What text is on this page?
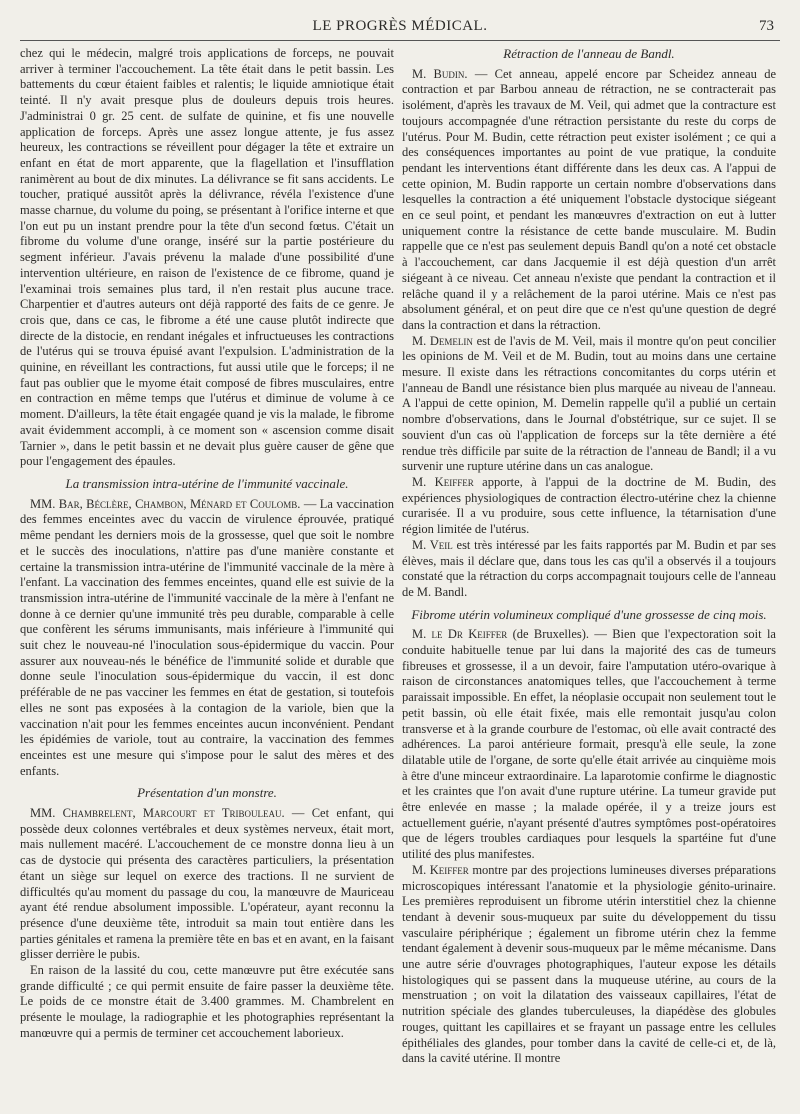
LE PROGRÈS MÉDICAL.	73

chez qui le médecin, malgré trois applications de forceps, ne pouvait arriver à terminer l'accouchement. La tête était dans le petit bassin. Les battements du cœur étaient faibles et ralentis; le liquide amniotique était teinté. Il n'y avait presque plus de douleurs depuis trois heures. J'administrai 0 gr. 25 cent. de sulfate de quinine, et fis une nouvelle application de forceps. Après une assez longue attente, je fus assez heureux, les contractions se réveillent pour dégager la tête et extraire un enfant en état de mort apparente, que la flagellation et l'insufflation ranimèrent au bout de dix minutes. La délivrance se fit sans accidents. Le toucher, pratiqué aussitôt après la délivrance, révéla l'existence d'une masse charnue, du volume du poing, se présentant à l'orifice interne et que l'on eut pu un instant prendre pour la tête d'un second fœtus. C'était un fibrome du volume d'une orange, inséré sur la partie postérieure du segment inférieur. J'avais prévenu la malade d'une possibilité d'une intervention ultérieure, en raison de l'existence de ce fibrome, quand je l'examinai trois semaines plus tard, il n'en restait plus aucune trace. Charpentier et d'autres auteurs ont déjà rapporté des faits de ce genre. Je crois que, dans ce cas, le fibrome a été une cause plutôt indirecte que directe de la distocie, en rendant inégales et infructueuses les contractions de l'utérus qui se trouva épuisé avant l'expulsion. L'administration de la quinine, en réveillant les contractions, fut aussi utile que le forceps; il ne faut pas oublier que le myome était composé de fibres musculaires, entre en contraction en même temps que l'utérus et diminue de volume à ce moment. D'ailleurs, la tête était engagée quand je vis la malade, le fibrome avait évidemment accompli, à ce moment son « ascension comme disait Tarnier », dans le petit bassin et ne devait plus guère causer de gêne que pour l'engagement des épaules.

La transmission intra-utérine de l'immunité vaccinale.

MM. Bar, Béclère, Chambon, Ménard et Coulomb. — La vaccination des femmes enceintes avec du vaccin de virulence éprouvée, pratiqué même pendant les derniers mois de la grossesse, quel que soit le nombre et le succès des inoculations, n'attire pas d'une manière constante et certaine la transmission intra-utérine de l'immunité vaccinale de la mère à l'enfant. La vaccination des femmes enceintes, quand elle est suivie de la transmission intra-utérine de l'immunité vaccinale de la mère à l'enfant ne donne à ce dernier qu'une immunité très peu durable, comparable à celle que confèrent les sérums immunisants, mais inférieure à l'immunité qui suit chez le nouveau-né l'inoculation sous-épidermique du vaccin. Pour assurer aux nouveau-nés le bénéfice de l'immunité solide et durable que donne seule l'inoculation sous-épidermique du vaccin, il est donc préférable de ne pas vacciner les femmes en état de gestation, si toutefois elles ne sont pas exposées à la contagion de la variole, bien que la vaccination n'ait pour les femmes enceintes aucun inconvénient. Pendant les épidémies de variole, tout au contraire, la vaccination des femmes enceintes est une mesure qui s'impose pour le salut des mères et des enfants.

Présentation d'un monstre.

MM. Chambrelent, Marcourt et Tribouleau. — Cet enfant, qui possède deux colonnes vertébrales et deux systèmes nerveux, était mort, mais nullement macéré. L'accouchement de ce monstre donna lieu à un cas de dystocie qui présenta des caractères particuliers, la présentation étant un siège sur lequel on exerce des tractions. Il ne survient de difficultés qu'au moment du passage du cou, la manœuvre de Mauriceau ayant été rendue absolument impossible. L'opérateur, ayant reconnu la présence d'une deuxième tête, introduit sa main tout entière dans les parties génitales et ramena la première tête en bas et en avant, en la faisant glisser derrière le pubis.

En raison de la lassité du cou, cette manœuvre put être exécutée sans grande difficulté ; ce qui permit ensuite de faire passer la deuxième tête. Le poids de ce monstre était de 3.400 grammes. M. Chambrelent en présente le moulage, la radiographie et les photographies représentant la manœuvre qui a permis de terminer cet accouchement laborieux.

Rétraction de l'anneau de Bandl.

M. Budin. — Cet anneau, appelé encore par Scheidez anneau de contraction et par Barbou anneau de rétraction, ne se contracterait pas isolément, d'après les travaux de M. Veil, qui admet que la contracture est toujours accompagnée d'une rétraction persistante du reste du corps de l'utérus. Pour M. Budin, cette rétraction peut exister isolément ; ce qui a des conséquences importantes au point de vue pratique, la conduite pendant les interventions étant différente dans les deux cas. A l'appui de cette opinion, M. Budin rapporte un certain nombre d'observations dans lesquelles la contraction a été uniquement l'obstacle dystocique siégeant en ce seul point, et pendant les manœuvres d'extraction on eut à lutter uniquement contre la résistance de cette bande musculaire. M. Budin rappelle que ce n'est pas seulement depuis Bandl qu'on a noté cet obstacle à l'accouchement, car dans Jacquemie il est déjà question d'un arrêt siégeant à ce niveau. Cet anneau n'existe que pendant la contraction et il relâche quand il y a relâchement de la paroi utérine. Mais ce n'est pas absolument général, et on peut dire que ce n'est qu'une question de degré dans la contraction et dans la rétraction.

M. Demelin est de l'avis de M. Veil, mais il montre qu'on peut concilier les opinions de M. Veil et de M. Budin, tout au moins dans une certaine mesure. Il existe dans les rétractions concomitantes du corps utérin et l'anneau de Bandl une résistance bien plus marquée au niveau de l'anneau. A l'appui de cette opinion, M. Demelin rappelle qu'il a publié un certain nombre d'observations, dans le Journal d'obstétrique, sur ce sujet. Il se souvient d'un cas où l'application de forceps sur la tête dernière a été rendue très difficile par suite de la rétraction de l'anneau de Bandl; il a vu survenir une rupture utérine dans un cas analogue.

M. Keiffer apporte, à l'appui de la doctrine de M. Budin, des expériences physiologiques de contraction électro-utérine chez la chienne curarisée. Il a vu produire, sous cette influence, la tétarnisation d'une région limitée de l'utérus.

M. Veil est très intéressé par les faits rapportés par M. Budin et par ses élèves, mais il déclare que, dans tous les cas qu'il a observés il a toujours constaté que la rétraction du corps accompagnait toujours celle de l'anneau de M. Bandl.

Fibrome utérin volumineux compliqué d'une grossesse de cinq mois.

M. le Dr Keiffer (de Bruxelles). — Bien que l'expectoration soit la conduite habituelle tenue par lui dans la majorité des cas de tumeurs fibreuses et grossesse, il a un devoir, faire l'amputation utéro-ovarique à raison de circonstances anatomiques telles, que l'accouchement à terme paraissait impossible. En effet, la néoplasie occupait non seulement tout le petit bassin, où elle était fixée, mais elle remontait jusqu'au colon transverse et à la grande courbure de l'estomac, où elle avait contracté des adhérences. La paroi antérieure formait, presqu'à elle seule, la zone dilatable utile de l'organe, de sorte qu'elle était arrivée au cinquième mois à être d'une minceur extraordinaire. La laparotomie confirme le diagnostic et les craintes que l'on avait d'une rupture utérine. La tumeur gravide put être enlevée en masse ; la malade opérée, il y a treize jours est actuellement guérie, n'ayant présenté d'autres symptômes post-opératoires que de légers troubles cardiaques pour lesquels la spartéine fut d'une utilité des plus manifestes.

M. Keiffer montre par des projections lumineuses diverses préparations microscopiques intéressant l'anatomie et la physiologie génito-urinaire. Les premières reproduisent un fibrome utérin interstitiel chez la chienne tendant à devenir sous-muqueux par suite du développement du tissu vasculaire périphérique ; également un fibrome utérin chez la femme tendant également à devenir sous-muqueux par le même mécanisme. Dans une autre série d'ouvrages photographiques, l'auteur expose les détails histologiques qui se passent dans la muqueuse utérine, au cours de la menstruation ; on voit la dilatation des vaisseaux capillaires, l'état de nutrition spéciale des glandes tuberculeuses, la diapédèse des globules rouges, quittant les capillaires et se frayant un passage entre les cellules épithéliales des glandes, pour tomber dans la cavité de celle-ci et, de là, dans la cavité utérine. Il montre
